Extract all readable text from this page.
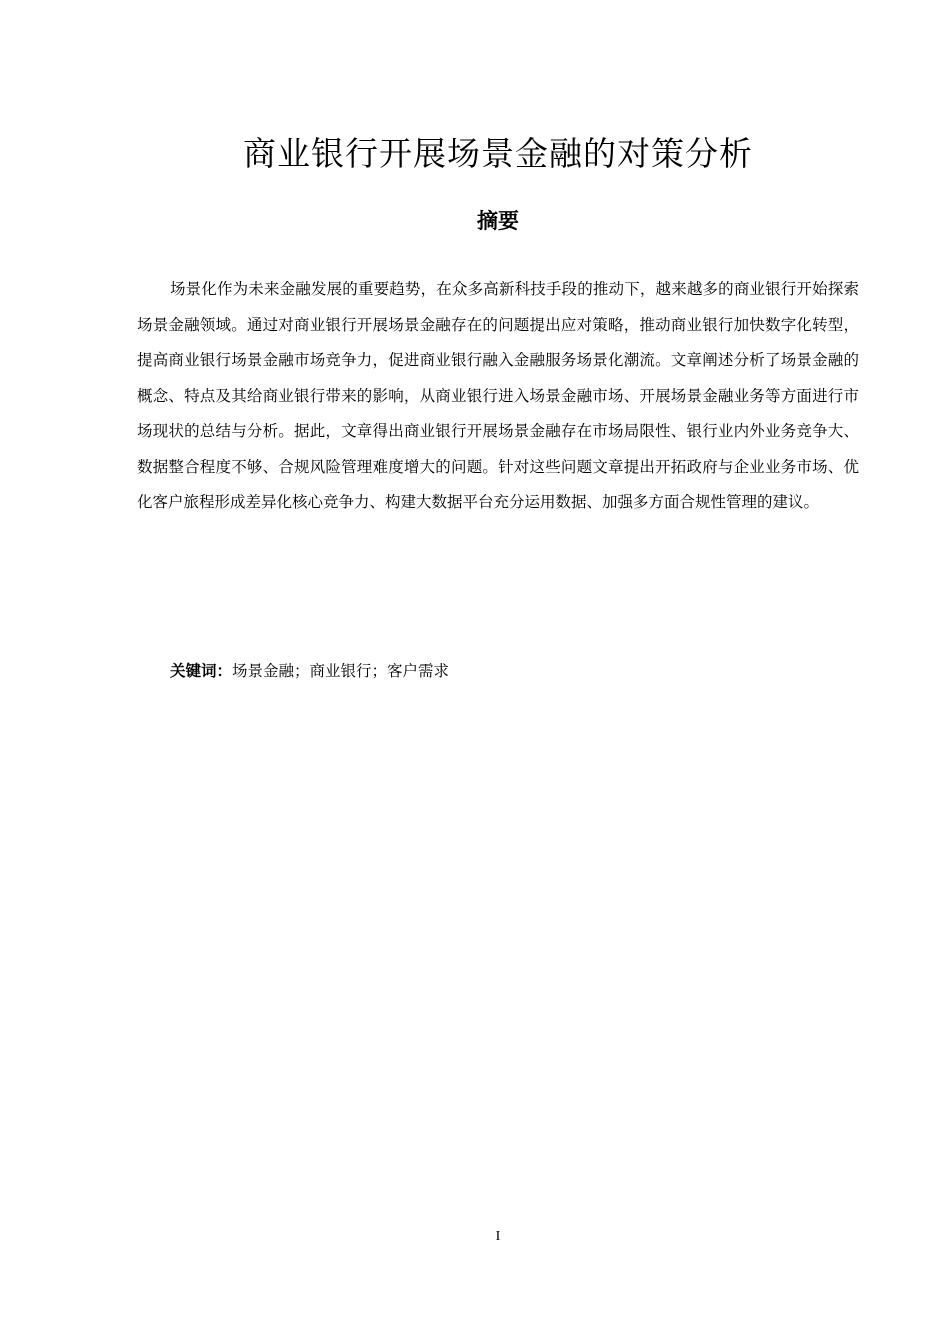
商业银行开展场景金融的对策分析
摘要

场景化作为未来金融发展的重要趋势，在众多高新科技手段的推动下，越来越多的商业银行开始探索场景金融领域。通过对商业银行开展场景金融存在的问题提出应对策略，推动商业银行加快数字化转型，提高商业银行场景金融市场竞争力，促进商业银行融入金融服务场景化潮流。文章阐述分析了场景金融的概念、特点及其给商业银行带来的影响，从商业银行进入场景金融市场、开展场景金融业务等方面进行市场现状的总结与分析。据此，文章得出商业银行开展场景金融存在市场局限性、银行业内外业务竞争大、数据整合程度不够、合规风险管理难度增大的问题。针对这些问题文章提出开拓政府与企业业务市场、优化客户旅程形成差异化核心竞争力、构建大数据平台充分运用数据、加强多方面合规性管理的建议。

关键词：场景金融；商业银行；客户需求

I
